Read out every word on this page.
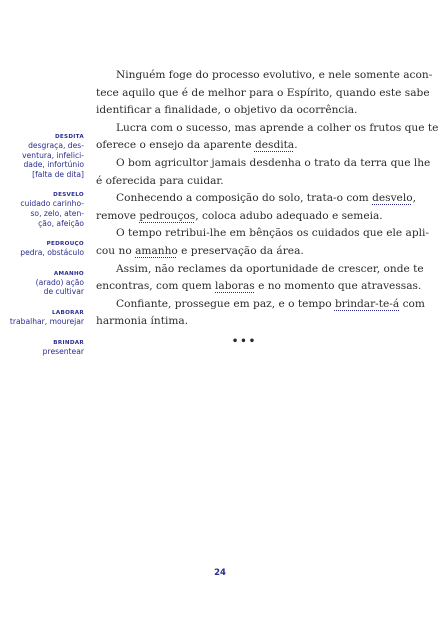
DESDITA
desgraça, des-
ventura, infelici-
dade, infortúnio
[falta de dita]
DESVELO
cuidado carinho-
so, zelo, aten-
ção, afeição
PEDROUÇO
pedra, obstáculo
AMANHO
(arado) ação
de cultivar
LABORAR
trabalhar, mourejar
BRINDAR
presentear
Ninguém foge do processo evolutivo, e nele somente acon-
tece aquilo que é de melhor para o Espírito, quando este sabe
identificar a finalidade, o objetivo da ocorrência.
Lucra com o sucesso, mas aprende a colher os frutos que te
oferece o ensejo da aparente desdita.
O bom agricultor jamais desdenha o trato da terra que lhe
é oferecida para cuidar.
Conhecendo a composição do solo, trata-o com desvelo,
remove pedrouços, coloca adubo adequado e semeia.
O tempo retribui-lhe em bênçãos os cuidados que ele apli-
cou no amanho e preservação da área.
Assim, não reclames da oportunidade de crescer, onde te
encontras, com quem laboras e no momento que atravessas.
Confiante, prossegue em paz, e o tempo brindar-te-á com
harmonia íntima.
•••
24
